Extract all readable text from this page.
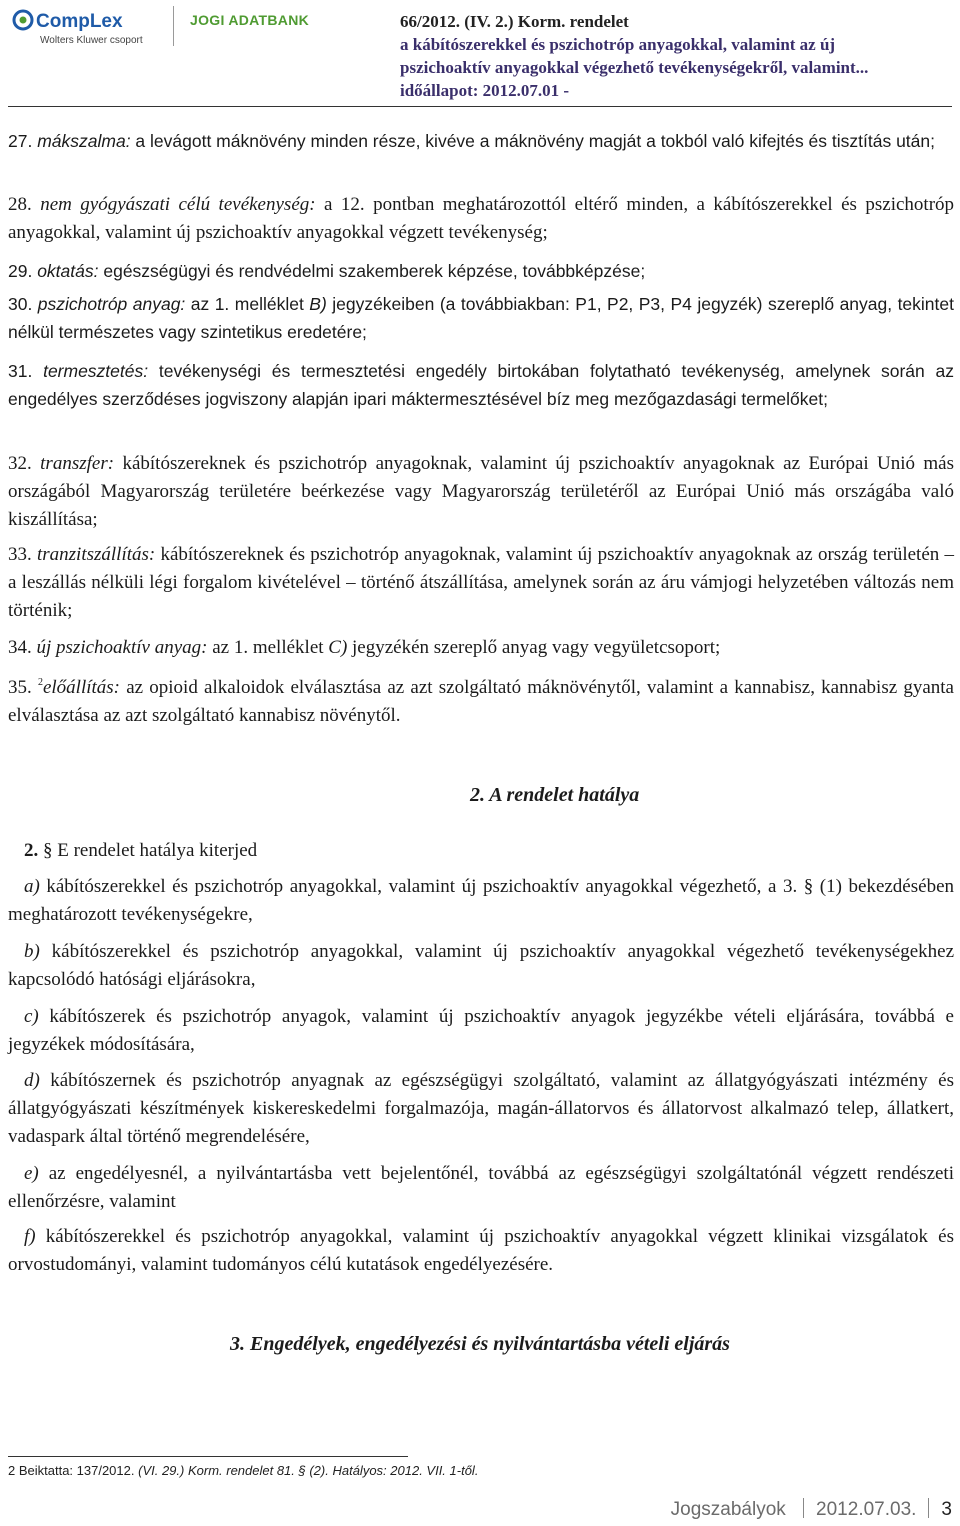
CompLex
Wolters Kluwer csoport
JOGI ADATBANK	66/2012. (IV. 2.) Korm. rendelet
a kábítószerekkel és pszichotróp anyagokkal, valamint az új
pszichoaktív anyagokkal végezhető tevékenységekről, valamint...
időállapot: 2012.07.01 -
27. mákszalma: a levágott máknövény minden része, kivéve a máknövény magját a tokból való kifejtés és tisztítás után;
28. nem gyógyászati célú tevékenység: a 12. pontban meghatározottól eltérő minden, a kábítószerekkel és pszichotróp anyagokkal, valamint új pszichoaktív anyagokkal végzett tevékenység;
29. oktatás: egészségügyi és rendvédelmi szakemberek képzése, továbbképzése;
30. pszichotróp anyag: az 1. melléklet B) jegyzékeiben (a továbbiakban: P1, P2, P3, P4 jegyzék) szereplő anyag, tekintet nélkül természetes vagy szintetikus eredetére;
31. termesztetés: tevékenységi és termesztetési engedély birtokában folytatható tevékenység, amelynek során az engedélyes szerződéses jogviszony alapján ipari máktermesztésével bíz meg mezőgazdasági termelőket;
32. transzfer: kábítószereknek és pszichotróp anyagoknak, valamint új pszichoaktív anyagoknak az Európai Unió más országából Magyarország területére beérkezése vagy Magyarország területéről az Európai Unió más országába való kiszállítása;
33. tranzitszállítás: kábítószereknek és pszichotróp anyagoknak, valamint új pszichoaktív anyagoknak az ország területén – a leszállás nélküli légi forgalom kivételével – történő átszállítása, amelynek során az áru vámjogi helyzetében változás nem történik;
34. új pszichoaktív anyag: az 1. melléklet C) jegyzékén szereplő anyag vagy vegyületcsoport;
35. $^2$előállítás: az opioid alkaloidok elválasztása az azt szolgáltató máknövénytől, valamint a kannabisz, kannabisz gyanta elválasztása az azt szolgáltató kannabisz növénytől.
2. A rendelet hatálya
2. § E rendelet hatálya kiterjed
a) kábítószerekkel és pszichotróp anyagokkal, valamint új pszichoaktív anyagokkal végezhető, a 3. § (1) bekezdésében meghatározott tevékenységekre,
b) kábítószerekkel és pszichotróp anyagokkal, valamint új pszichoaktív anyagokkal végezhető tevékenységekhez kapcsolódó hatósági eljárásokra,
c) kábítószerek és pszichotróp anyagok, valamint új pszichoaktív anyagok jegyzékbe vételi eljárására, továbbá e jegyzékek módosítására,
d) kábítószernek és pszichotróp anyagnak az egészségügyi szolgáltató, valamint az állatgyógyászati intézmény és állatgyógyászati készítmények kiskereskedelmi forgalmazója, magán-állatorvos és állatorvost alkalmazó telep, állatkert, vadaspark által történő megrendelésére,
e) az engedélyesnél, a nyilvántartásba vett bejelentőnél, továbbá az egészségügyi szolgáltatónál végzett rendészeti ellenőrzésre, valamint
f) kábítószerekkel és pszichotróp anyagokkal, valamint új pszichoaktív anyagokkal végzett klinikai vizsgálatok és orvostudományi, valamint tudományos célú kutatások engedélyezésére.
3. Engedélyek, engedélyezési és nyilvántartásba vételi eljárás
2 Beiktatta: 137/2012. (VI. 29.) Korm. rendelet 81. § (2). Hatályos: 2012. VII. 1-től.
Jogszabályok 2012.07.03. 3
